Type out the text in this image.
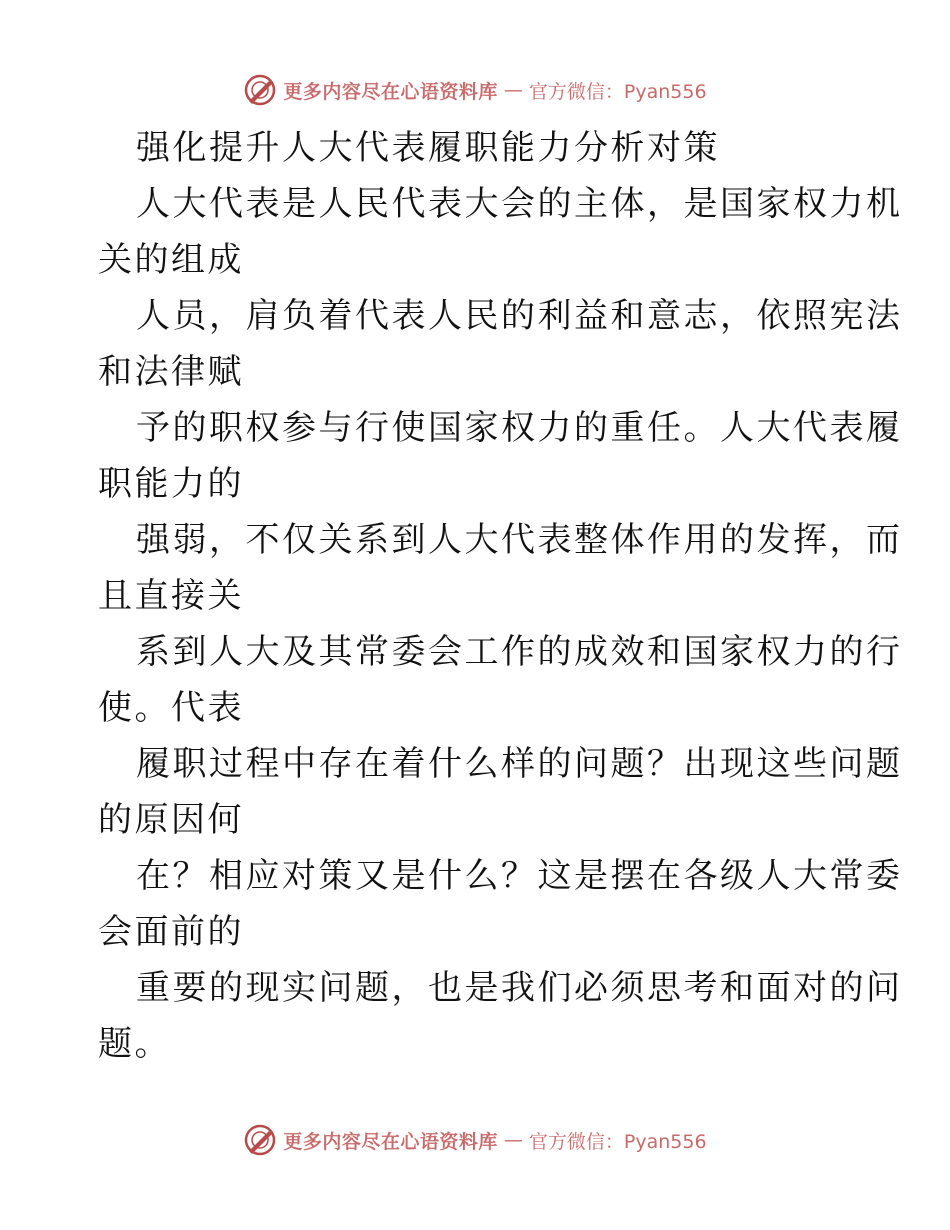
更多内容尽在心语资料库 — 官方微信：Pyan556
强化提升人大代表履职能力分析对策
人大代表是人民代表大会的主体，是国家权力机
关的组成
人员，肩负着代表人民的利益和意志，依照宪法
和法律赋
予的职权参与行使国家权力的重任。人大代表履
职能力的
强弱，不仅关系到人大代表整体作用的发挥，而
且直接关
系到人大及其常委会工作的成效和国家权力的行
使。代表
履职过程中存在着什么样的问题？出现这些问题
的原因何
在？相应对策又是什么？这是摆在各级人大常委
会面前的
重要的现实问题，也是我们必须思考和面对的问
题。
更多内容尽在心语资料库 — 官方微信：Pyan556
